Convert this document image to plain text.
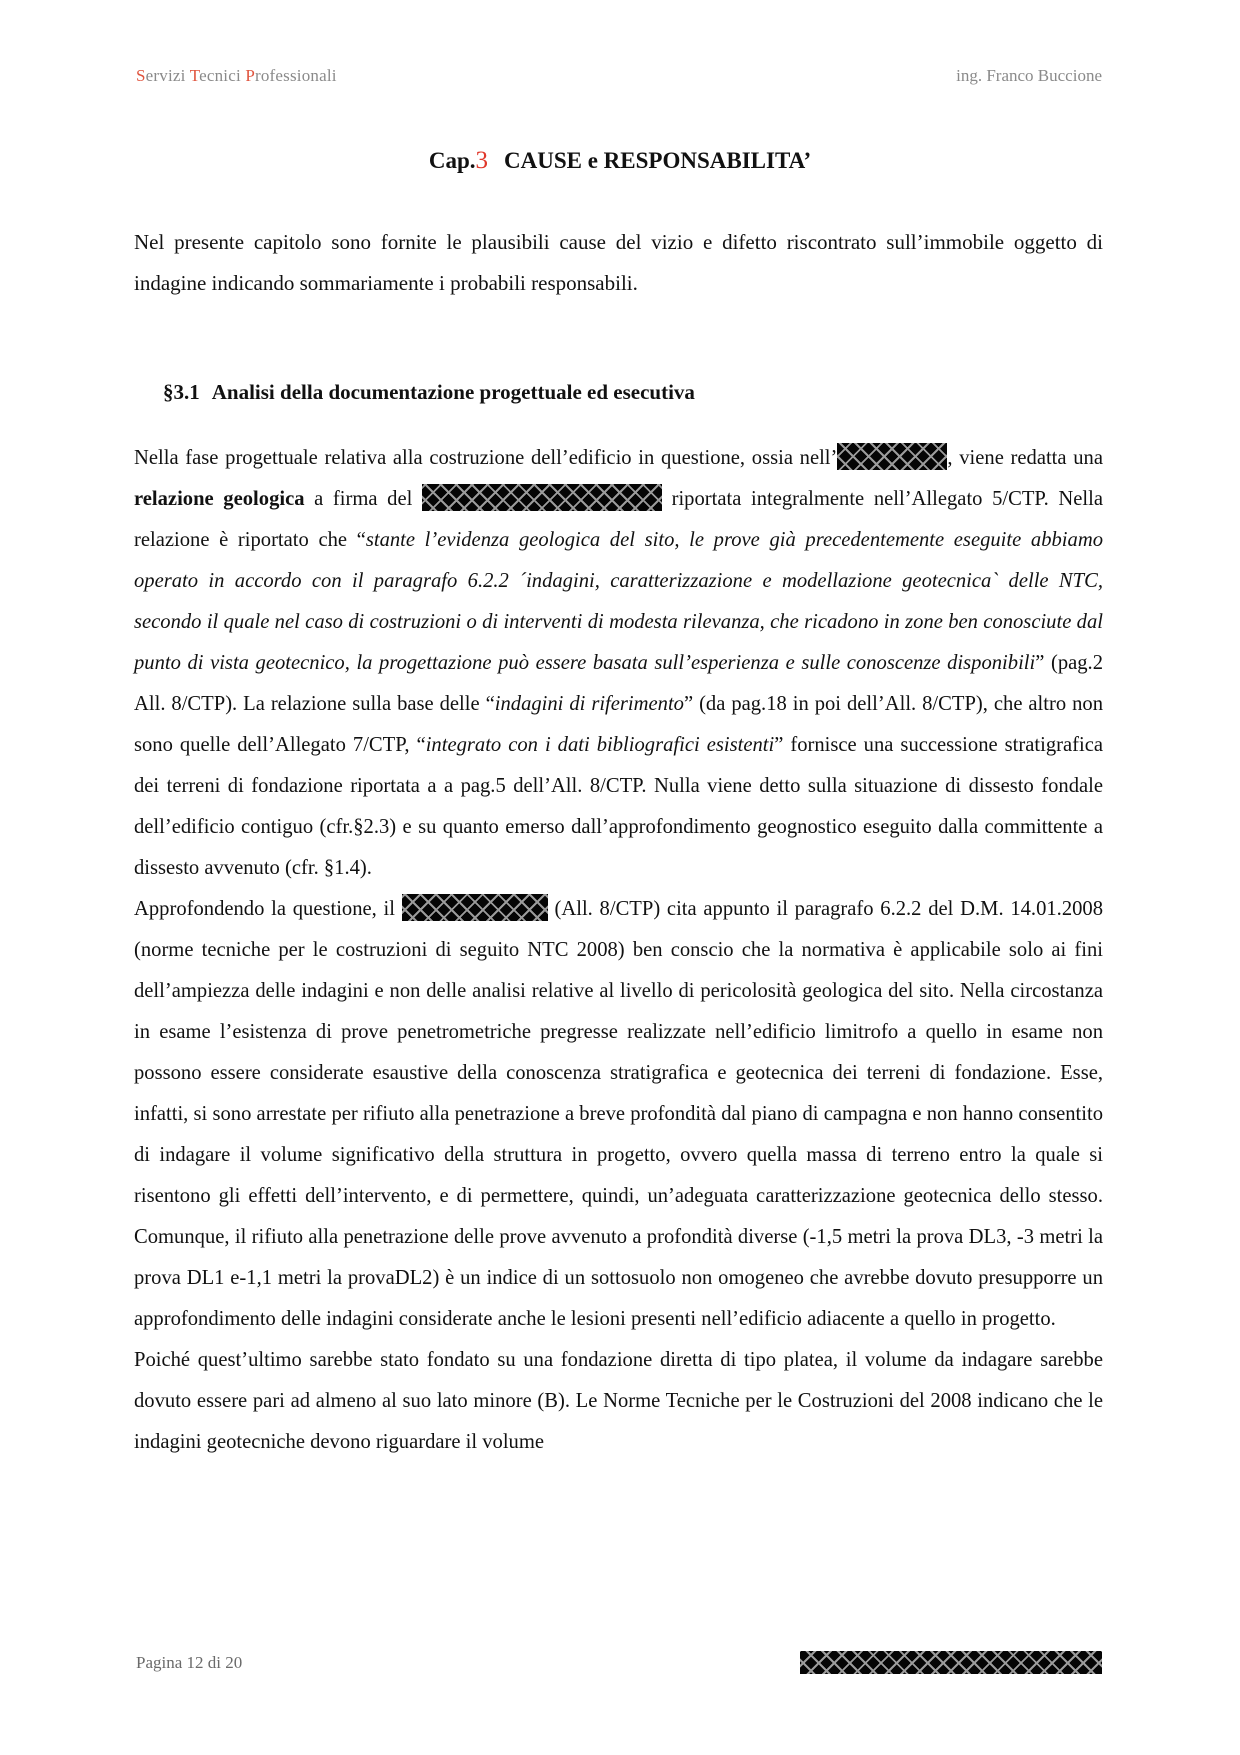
Servizi Tecnici Professionali	ing. Franco Buccione
Cap.3 CAUSE e RESPONSABILITA’
Nel presente capitolo sono fornite le plausibili cause del vizio e difetto riscontrato sull’immobile oggetto di indagine indicando sommariamente i probabili responsabili.
§3.1 Analisi della documentazione progettuale ed esecutiva

Nella fase progettuale relativa alla costruzione dell’edificio in questione, ossia nell’	, viene redatta una relazione geologica a firma del	riportata integralmente nell’Allegato 5/CTP. Nella relazione è riportato che “stante l’evidenza geologica del sito, le prove già precedentemente eseguite abbiamo operato in accordo con il paragrafo 6.2.2 ´indagini, caratterizzazione e modellazione geotecnica` delle NTC, secondo il quale nel caso di costruzioni o di interventi di modesta rilevanza, che ricadono in zone ben conosciute dal punto di vista geotecnico, la progettazione può essere basata sull’esperienza e sulle conoscenze disponibili” (pag.2 All. 8/CTP). La relazione sulla base delle “indagini di riferimento” (da pag.18 in poi dell’All. 8/CTP), che altro non sono quelle dell’Allegato 7/CTP, “integrato con i dati bibliografici esistenti” fornisce una successione stratigrafica dei terreni di fondazione riportata a a pag.5 dell’All. 8/CTP. Nulla viene detto sulla situazione di dissesto fondale dell’edificio contiguo (cfr.§2.3) e su quanto emerso dall’approfondimento geognostico eseguito dalla committente a dissesto avvenuto (cfr. §1.4).

Approfondendo la questione, il	(All. 8/CTP) cita appunto il paragrafo 6.2.2 del D.M. 14.01.2008 (norme tecniche per le costruzioni di seguito NTC 2008) ben conscio che la normativa è applicabile solo ai fini dell’ampiezza delle indagini e non delle analisi relative al livello di pericolosità geologica del sito. Nella circostanza in esame l’esistenza di prove penetrometriche pregresse realizzate nell’edificio limitrofo a quello in esame non possono essere considerate esaustive della conoscenza stratigrafica e geotecnica dei terreni di fondazione. Esse, infatti, si sono arrestate per rifiuto alla penetrazione a breve profondità dal piano di campagna e non hanno consentito di indagare il volume significativo della struttura in progetto, ovvero quella massa di terreno entro la quale si risentono gli effetti dell’intervento, e di permettere, quindi, un’adeguata caratterizzazione geotecnica dello stesso. Comunque, il rifiuto alla penetrazione delle prove avvenuto a profondità diverse (-1,5 metri la prova DL3, -3 metri la prova DL1 e-1,1 metri la provaDL2) è un indice di un sottosuolo non omogeneo che avrebbe dovuto presupporre un approfondimento delle indagini considerate anche le lesioni presenti nell’edificio adiacente a quello in progetto.

Poiché quest’ultimo sarebbe stato fondato su una fondazione diretta di tipo platea, il volume da indagare sarebbe dovuto essere pari ad almeno al suo lato minore (B). Le Norme Tecniche per le Costruzioni del 2008 indicano che le indagini geotecniche devono riguardare il volume

Pagina 12 di 20
